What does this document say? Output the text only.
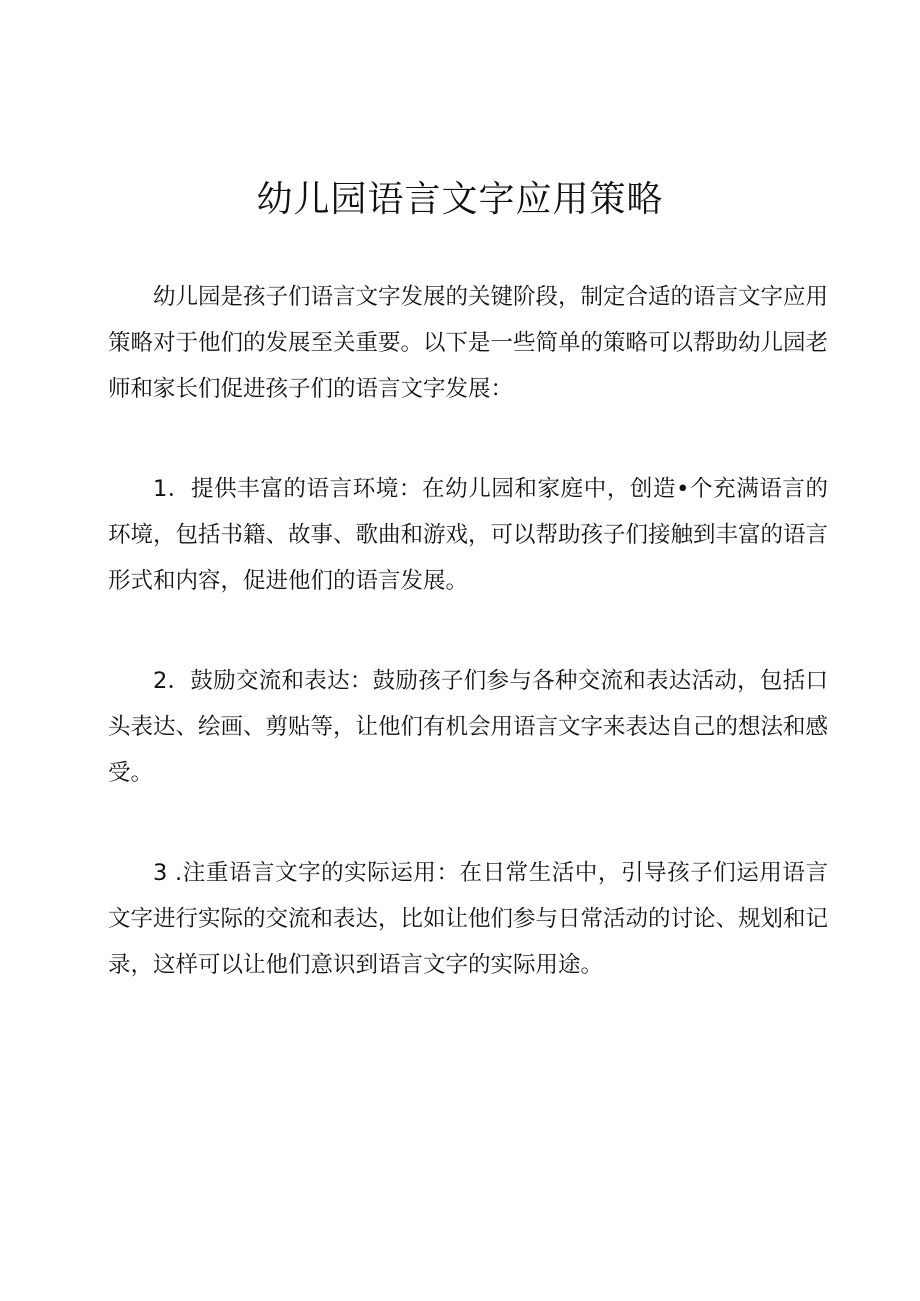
幼儿园语言文字应用策略

幼儿园是孩子们语言文字发展的关键阶段，制定合适的语言文字应用策略对于他们的发展至关重要。以下是一些简单的策略可以帮助幼儿园老师和家长们促进孩子们的语言文字发展：

1．提供丰富的语言环境：在幼儿园和家庭中，创造•个充满语言的环境，包括书籍、故事、歌曲和游戏，可以帮助孩子们接触到丰富的语言形式和内容，促进他们的语言发展。

2．鼓励交流和表达：鼓励孩子们参与各种交流和表达活动，包括口头表达、绘画、剪贴等，让他们有机会用语言文字来表达自己的想法和感受。

3 .注重语言文字的实际运用：在日常生活中，引导孩子们运用语言文字进行实际的交流和表达，比如让他们参与日常活动的讨论、规划和记录，这样可以让他们意识到语言文字的实际用途。
